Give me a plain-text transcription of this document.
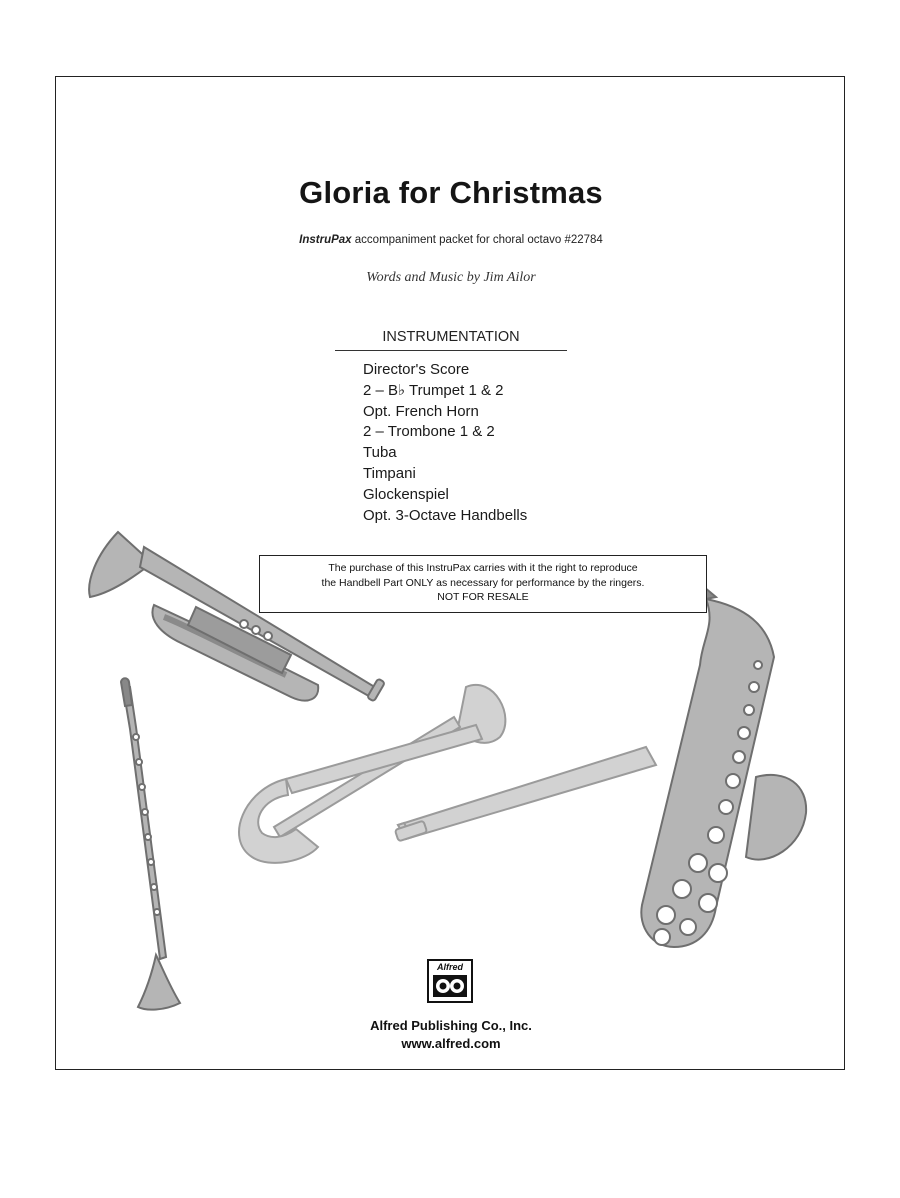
Gloria for Christmas
InstruPax accompaniment packet for choral octavo #22784
Words and Music by Jim Ailor
INSTRUMENTATION
Director's Score
2 – B♭ Trumpet 1 & 2
Opt. French Horn
2 – Trombone 1 & 2
Tuba
Timpani
Glockenspiel
Opt. 3-Octave Handbells
The purchase of this InstruPax carries with it the right to reproduce
the Handbell Part ONLY as necessary for performance by the ringers.
NOT FOR RESALE
Alfred
Alfred Publishing Co., Inc.
www.alfred.com
